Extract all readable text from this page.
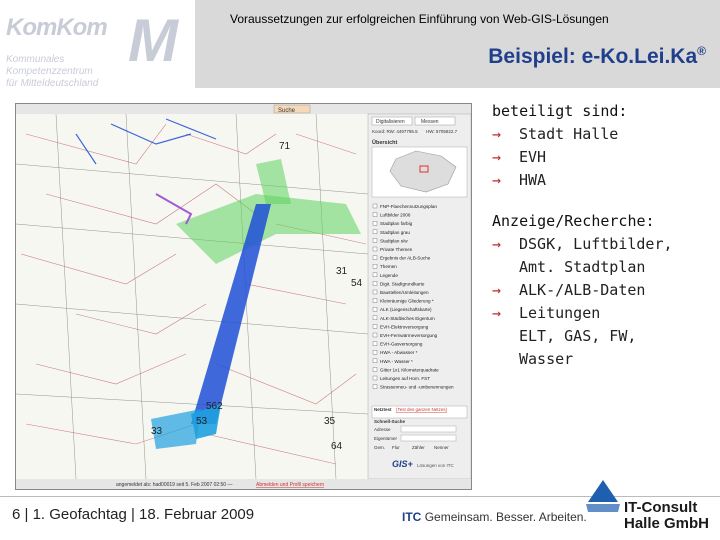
KomKom M
Kommunales
Kompetenzzentrum
für Mitteldeutschland
Voraussetzungen zur erfolgreichen Einführung von Web-GIS-Lösungen
Beispiel: e-Ko.Lei.Ka®
Suche
71
54
31
35
562
53
64
33
Digitalisieren	Messen
Koord: RW: 4497795.5 HW: 5705822.7
Übersicht
FNP-Flaechennutzungsplan
Luftbilder 2006
Stadtplan farbig
Stadtplan grau
Stadtplan s/w
Private Themen
Ergebnis der ALB-Suche
Themen
Legende
Digit. Stadtgrundkarte
Baustellen/Umleitungen
Kleinräumige Gliederung *
ALK (Liegenschaftskarte)
ALK-Städtisches Eigentum
EVH-Elektroversorgung
EVH-Fernwärmeversorgung
EVH-Gasversorgung
HWA - Abwasser *
HWA - Wasser *
Gitter 1x1 Kilometerquadrate
Leitungen auf Hom. FST
Strassenneu- und -umbenennungen
Netztest (Test des ganzen Netzes)
Schnell-Suche
Adresse
Eigentümer
Gem. Flur	Zähler Nenner
GIS+ Lösungen von ITC
angemeldet als: had00019 seit 5. Feb 2007 02:50 —	Abmelden und Profil speichern
beteiligt sind:
→	Stadt Halle
→	EVH
→	HWA
Anzeige/Recherche:
→	DSGK, Luftbilder,
Amt. Stadtplan
→	ALK-/ALB-Daten
→	Leitungen
ELT, GAS, FW,
Wasser
6 | 1. Geofachtag | 18. Februar 2009	ITC Gemeinsam. Besser. Arbeiten.
IT-Consult
Halle GmbH
